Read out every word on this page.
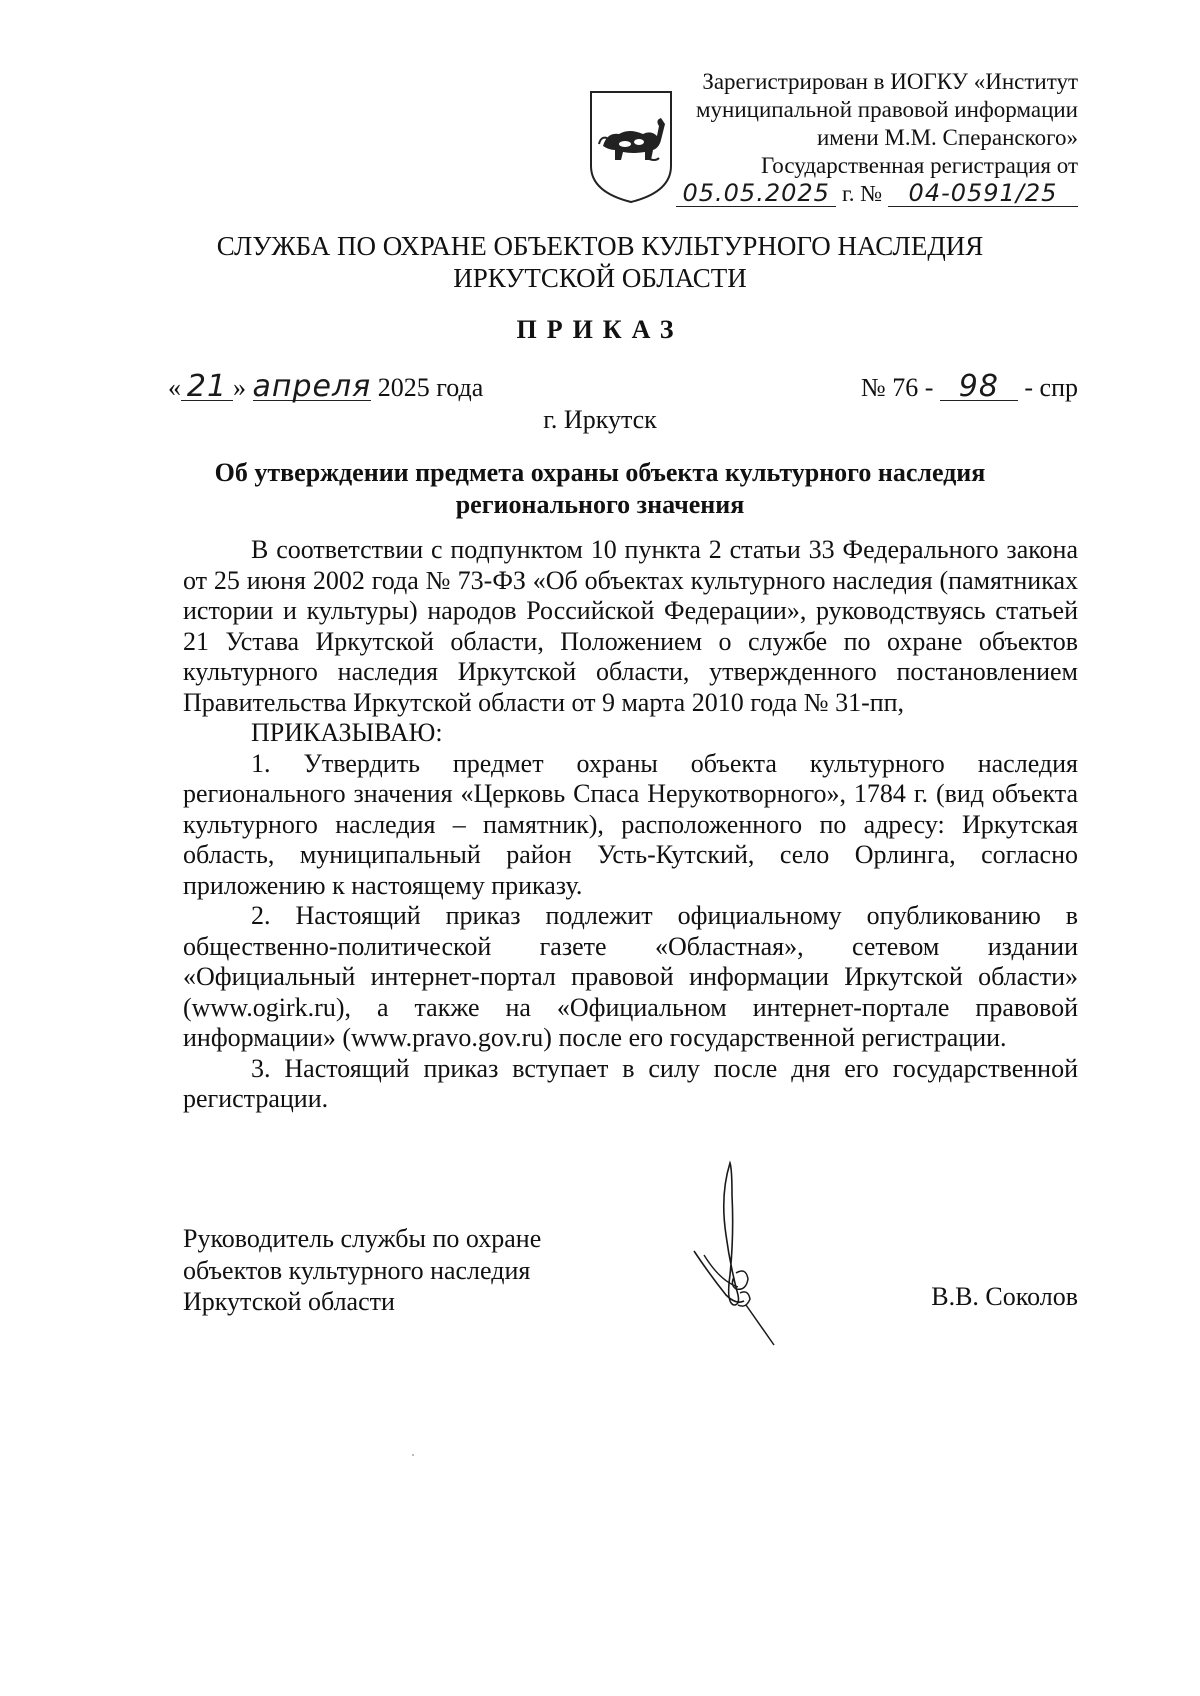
Зарегистрирован в ИОГКУ «Институт
муниципальной правовой информации
имени М.М. Сперанского»
Государственная регистрация от
05.05.2025 г. № 04-0591/25
СЛУЖБА ПО ОХРАНЕ ОБЪЕКТОВ КУЛЬТУРНОГО НАСЛЕДИЯ
ИРКУТСКОЙ ОБЛАСТИ
ПРИКАЗ
« 21 » апреля 2025 года	№ 76 - 98 - спр
г. Иркутск
Об утверждении предмета охраны объекта культурного наследия
регионального значения

В соответствии с подпунктом 10 пункта 2 статьи 33 Федерального закона от 25 июня 2002 года № 73-ФЗ «Об объектах культурного наследия (памятниках истории и культуры) народов Российской Федерации», руководствуясь статьей 21 Устава Иркутской области, Положением о службе по охране объектов культурного наследия Иркутской области, утвержденного постановлением Правительства Иркутской области от 9 марта 2010 года № 31-пп,

ПРИКАЗЫВАЮ:

1. Утвердить предмет охраны объекта культурного наследия регионального значения «Церковь Спаса Нерукотворного», 1784 г. (вид объекта культурного наследия – памятник), расположенного по адресу: Иркутская область, муниципальный район Усть-Кутский, село Орлинга, согласно приложению к настоящему приказу.

2. Настоящий приказ подлежит официальному опубликованию в общественно-политической газете «Областная», сетевом издании «Официальный интернет-портал правовой информации Иркутской области» (www.ogirk.ru), а также на «Официальном интернет-портале правовой информации» (www.pravo.gov.ru) после его государственной регистрации.

3. Настоящий приказ вступает в силу после дня его государственной регистрации.

Руководитель службы по охране
объектов культурного наследия
Иркутской области	В.В. Соколов
